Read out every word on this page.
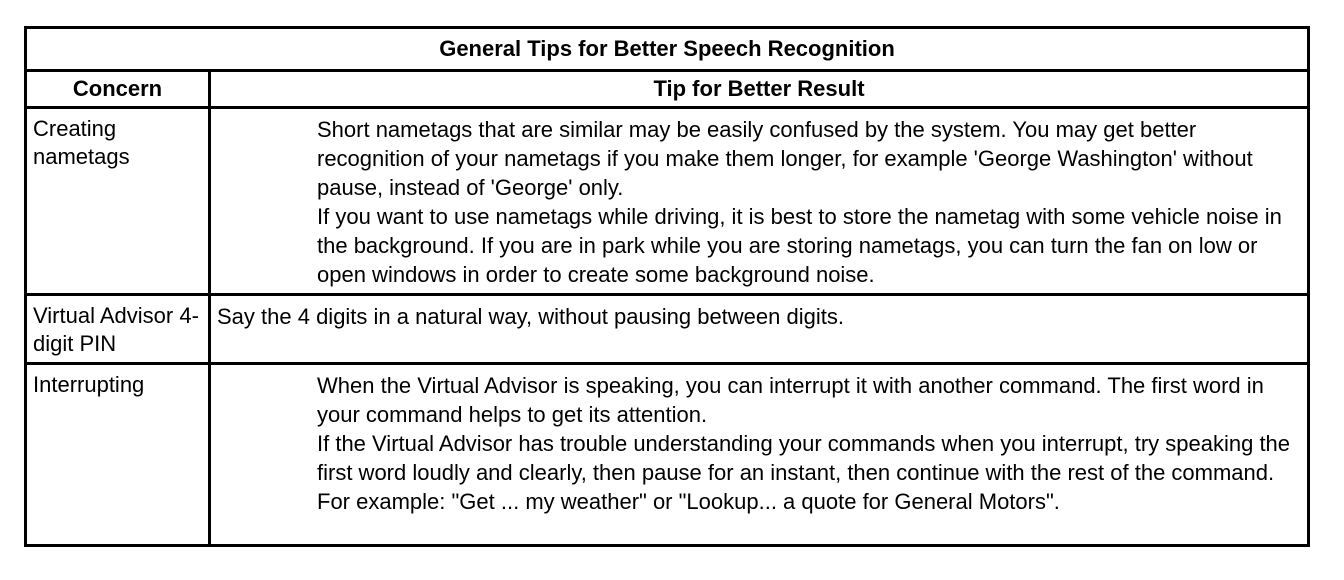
General Tips for Better Speech Recognition	
Concern	Tip for Better Result
Creating nametags	Short nametags that are similar may be easily confused by the system. You may get better recognition of your nametags if you make them longer, for example 'George Washington' without pause, instead of 'George' only.
If you want to use nametags while driving, it is best to store the nametag with some vehicle noise in the background. If you are in park while you are storing nametags, you can turn the fan on low or open windows in order to create some background noise.

Virtual Advisor 4-digit PIN	Say the 4 digits in a natural way, without pausing between digits.

Interrupting	When the Virtual Advisor is speaking, you can interrupt it with another command. The first word in your command helps to get its attention.
If the Virtual Advisor has trouble understanding your commands when you interrupt, try speaking the first word loudly and clearly, then pause for an instant, then continue with the rest of the command. For example: "Get ... my weather" or "Lookup... a quote for General Motors".
